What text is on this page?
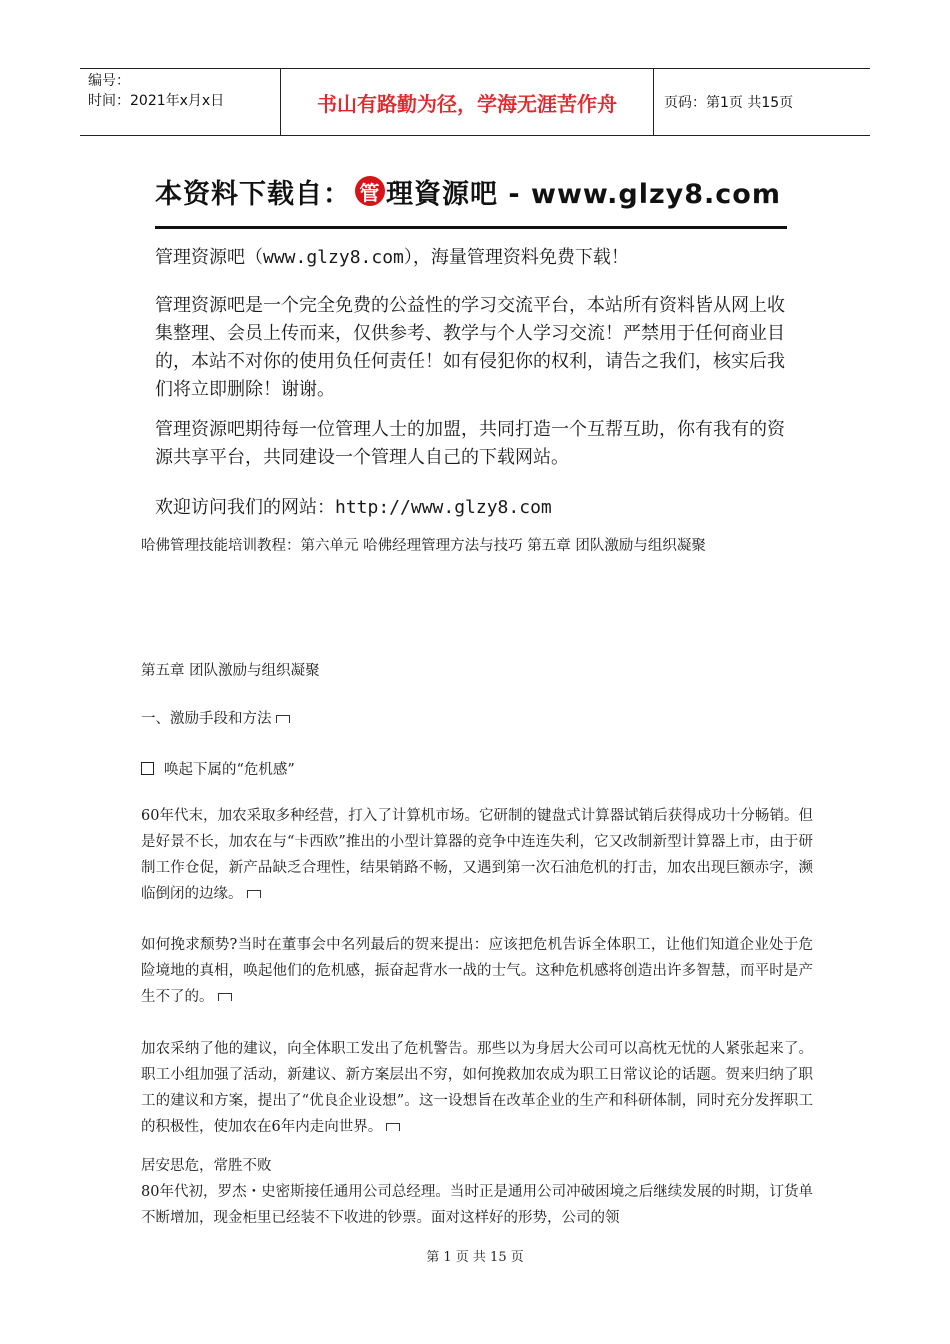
编号：
时间：2021年x月x日	书山有路勤为径，学海无涯苦作舟	页码：第1页 共15页
本资料下载自： 管 理資源吧 - www.glzy8.com
管理资源吧（www.glzy8.com），海量管理资料免费下载！
管理资源吧是一个完全免费的公益性的学习交流平台，本站所有资料皆从网上收集整理、会员上传而来，仅供参考、教学与个人学习交流！严禁用于任何商业目的，本站不对你的使用负任何责任！如有侵犯你的权利，请告之我们，核实后我们将立即删除！谢谢。
管理资源吧期待每一位管理人士的加盟，共同打造一个互帮互助，你有我有的资源共享平台，共同建设一个管理人自己的下载网站。
欢迎访问我们的网站：http://www.glzy8.com
哈佛管理技能培训教程：第六单元 哈佛经理管理方法与技巧 第五章 团队激励与组织凝聚
第五章 团队激励与组织凝聚
一、激励手段和方法
唤起下属的“危机感”

60年代末，加农采取多种经营，打入了计算机市场。它研制的键盘式计算器试销后获得成功十分畅销。但是好景不长，加农在与“卡西欧”推出的小型计算器的竞争中连连失利，它又改制新型计算器上市，由于研制工作仓促，新产品缺乏合理性，结果销路不畅，又遇到第一次石油危机的打击，加农出现巨额赤字，濒临倒闭的边缘。

如何挽求颓势?当时在董事会中名列最后的贺来提出：应该把危机告诉全体职工，让他们知道企业处于危险境地的真相，唤起他们的危机感，振奋起背水一战的士气。这种危机感将创造出许多智慧，而平时是产生不了的。

加农采纳了他的建议，向全体职工发出了危机警告。那些以为身居大公司可以高枕无忧的人紧张起来了。职工小组加强了活动，新建议、新方案层出不穷，如何挽救加农成为职工日常议论的话题。贺来归纳了职工的建议和方案，提出了“优良企业设想”。这一设想旨在改革企业的生产和科研体制，同时充分发挥职工的积极性，使加农在6年内走向世界。

居安思危，常胜不败

80年代初，罗杰・史密斯接任通用公司总经理。当时正是通用公司冲破困境之后继续发展的时期，订货单不断增加，现金柜里已经装不下收进的钞票。面对这样好的形势，公司的领

第 1 页 共 15 页
